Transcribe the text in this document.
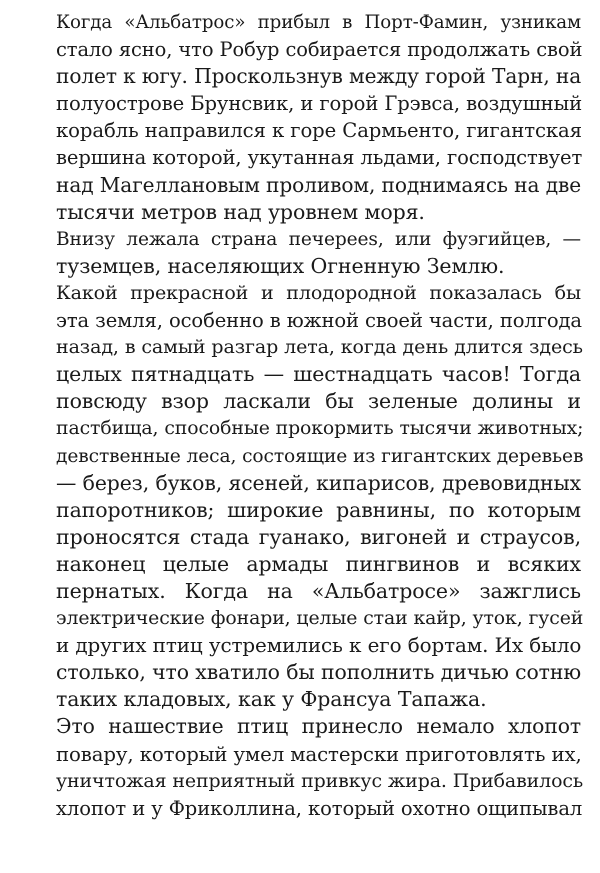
Когда «Альбатрос» прибыл в Порт-Фамин, узникам
стало ясно, что Робур собирается продолжать свой
полет к югу. Проскользнув между горой Тарн, на
полуострове Брунсвик, и горой Грэвса, воздушный
корабль направился к горе Сармьенто, гигантская
вершина которой, укутанная льдами, господствует
над Магеллановым проливом, поднимаясь на две
тысячи метров над уровнем моря.

Внизу лежала страна печерееs, или фуэгийцев, —
туземцев, населяющих Огненную Землю.

Какой прекрасной и плодородной показалась бы
эта земля, особенно в южной своей части, полгода
назад, в самый разгар лета, когда день длится здесь
целых пятнадцать — шестнадцать часов! Тогда
повсюду взор ласкали бы зеленые долины и
пастбища, способные прокормить тысячи животных;
девственные леса, состоящие из гигантских деревьев
— берез, буков, ясеней, кипарисов, древовидных
папоротников; широкие равнины, по которым
проносятся стада гуанако, вигоней и страусов,
наконец целые армады пингвинов и всяких
пернатых. Когда на «Альбатросе» зажглись
электрические фонари, целые стаи кайр, уток, гусей
и других птиц устремились к его бортам. Их было
столько, что хватило бы пополнить дичью сотню
таких кладовых, как у Франсуа Тапажа.

Это нашествие птиц принесло немало хлопот
повару, который умел мастерски приготовлять их,
уничтожая неприятный привкус жира. Прибавилось
хлопот и у Фриколлина, который охотно ощипывал
